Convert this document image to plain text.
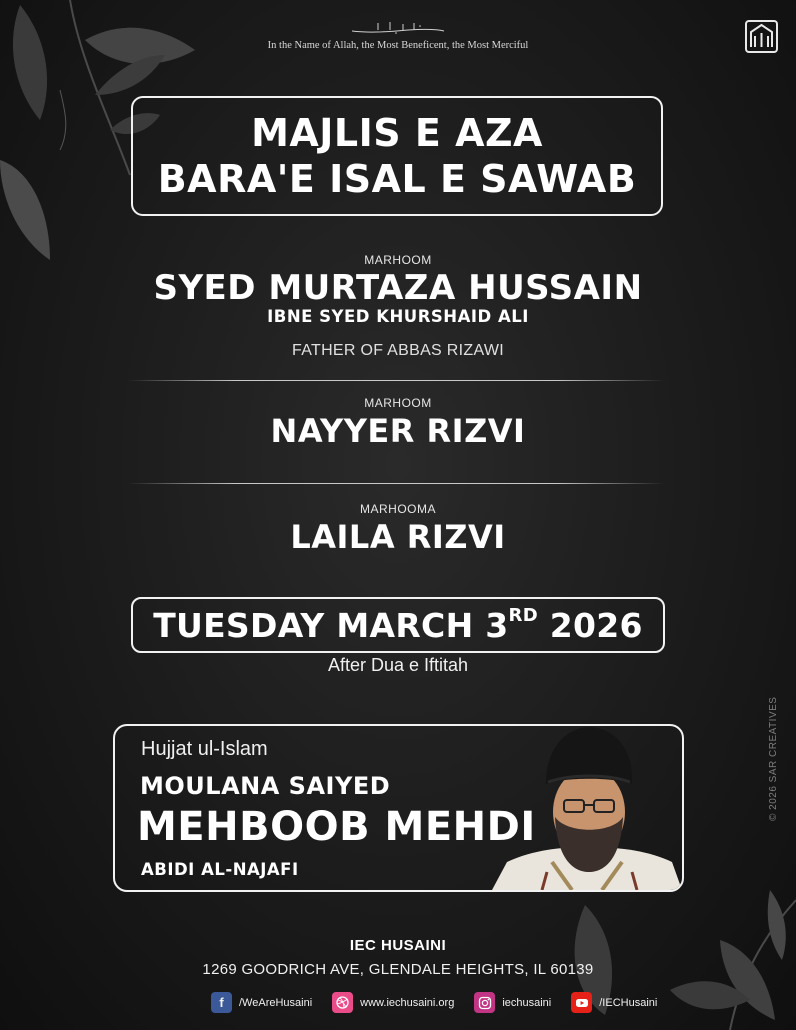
In the Name of Allah, the Most Beneficent, the Most Merciful
MAJLIS E AZA
BARA'E ISAL E SAWAB
MARHOOM
SYED MURTAZA HUSSAIN
IBNE SYED KHURSHAID ALI
FATHER OF ABBAS RIZAWI
MARHOOM
NAYYER RIZVI
MARHOOMA
LAILA RIZVI
TUESDAY MARCH 3RD 2026
After Dua e Iftitah
Hujjat ul-Islam
MOULANA SAIYED
MEHBOOB MEHDI
ABIDI AL-NAJAFI
© 2026 SAR CREATIVES
IEC HUSAINI
1269 GOODRICH AVE, GLENDALE HEIGHTS, IL 60139
f	/WeAreHusaini	www.iechusaini.org	iechusaini	/IECHusaini
